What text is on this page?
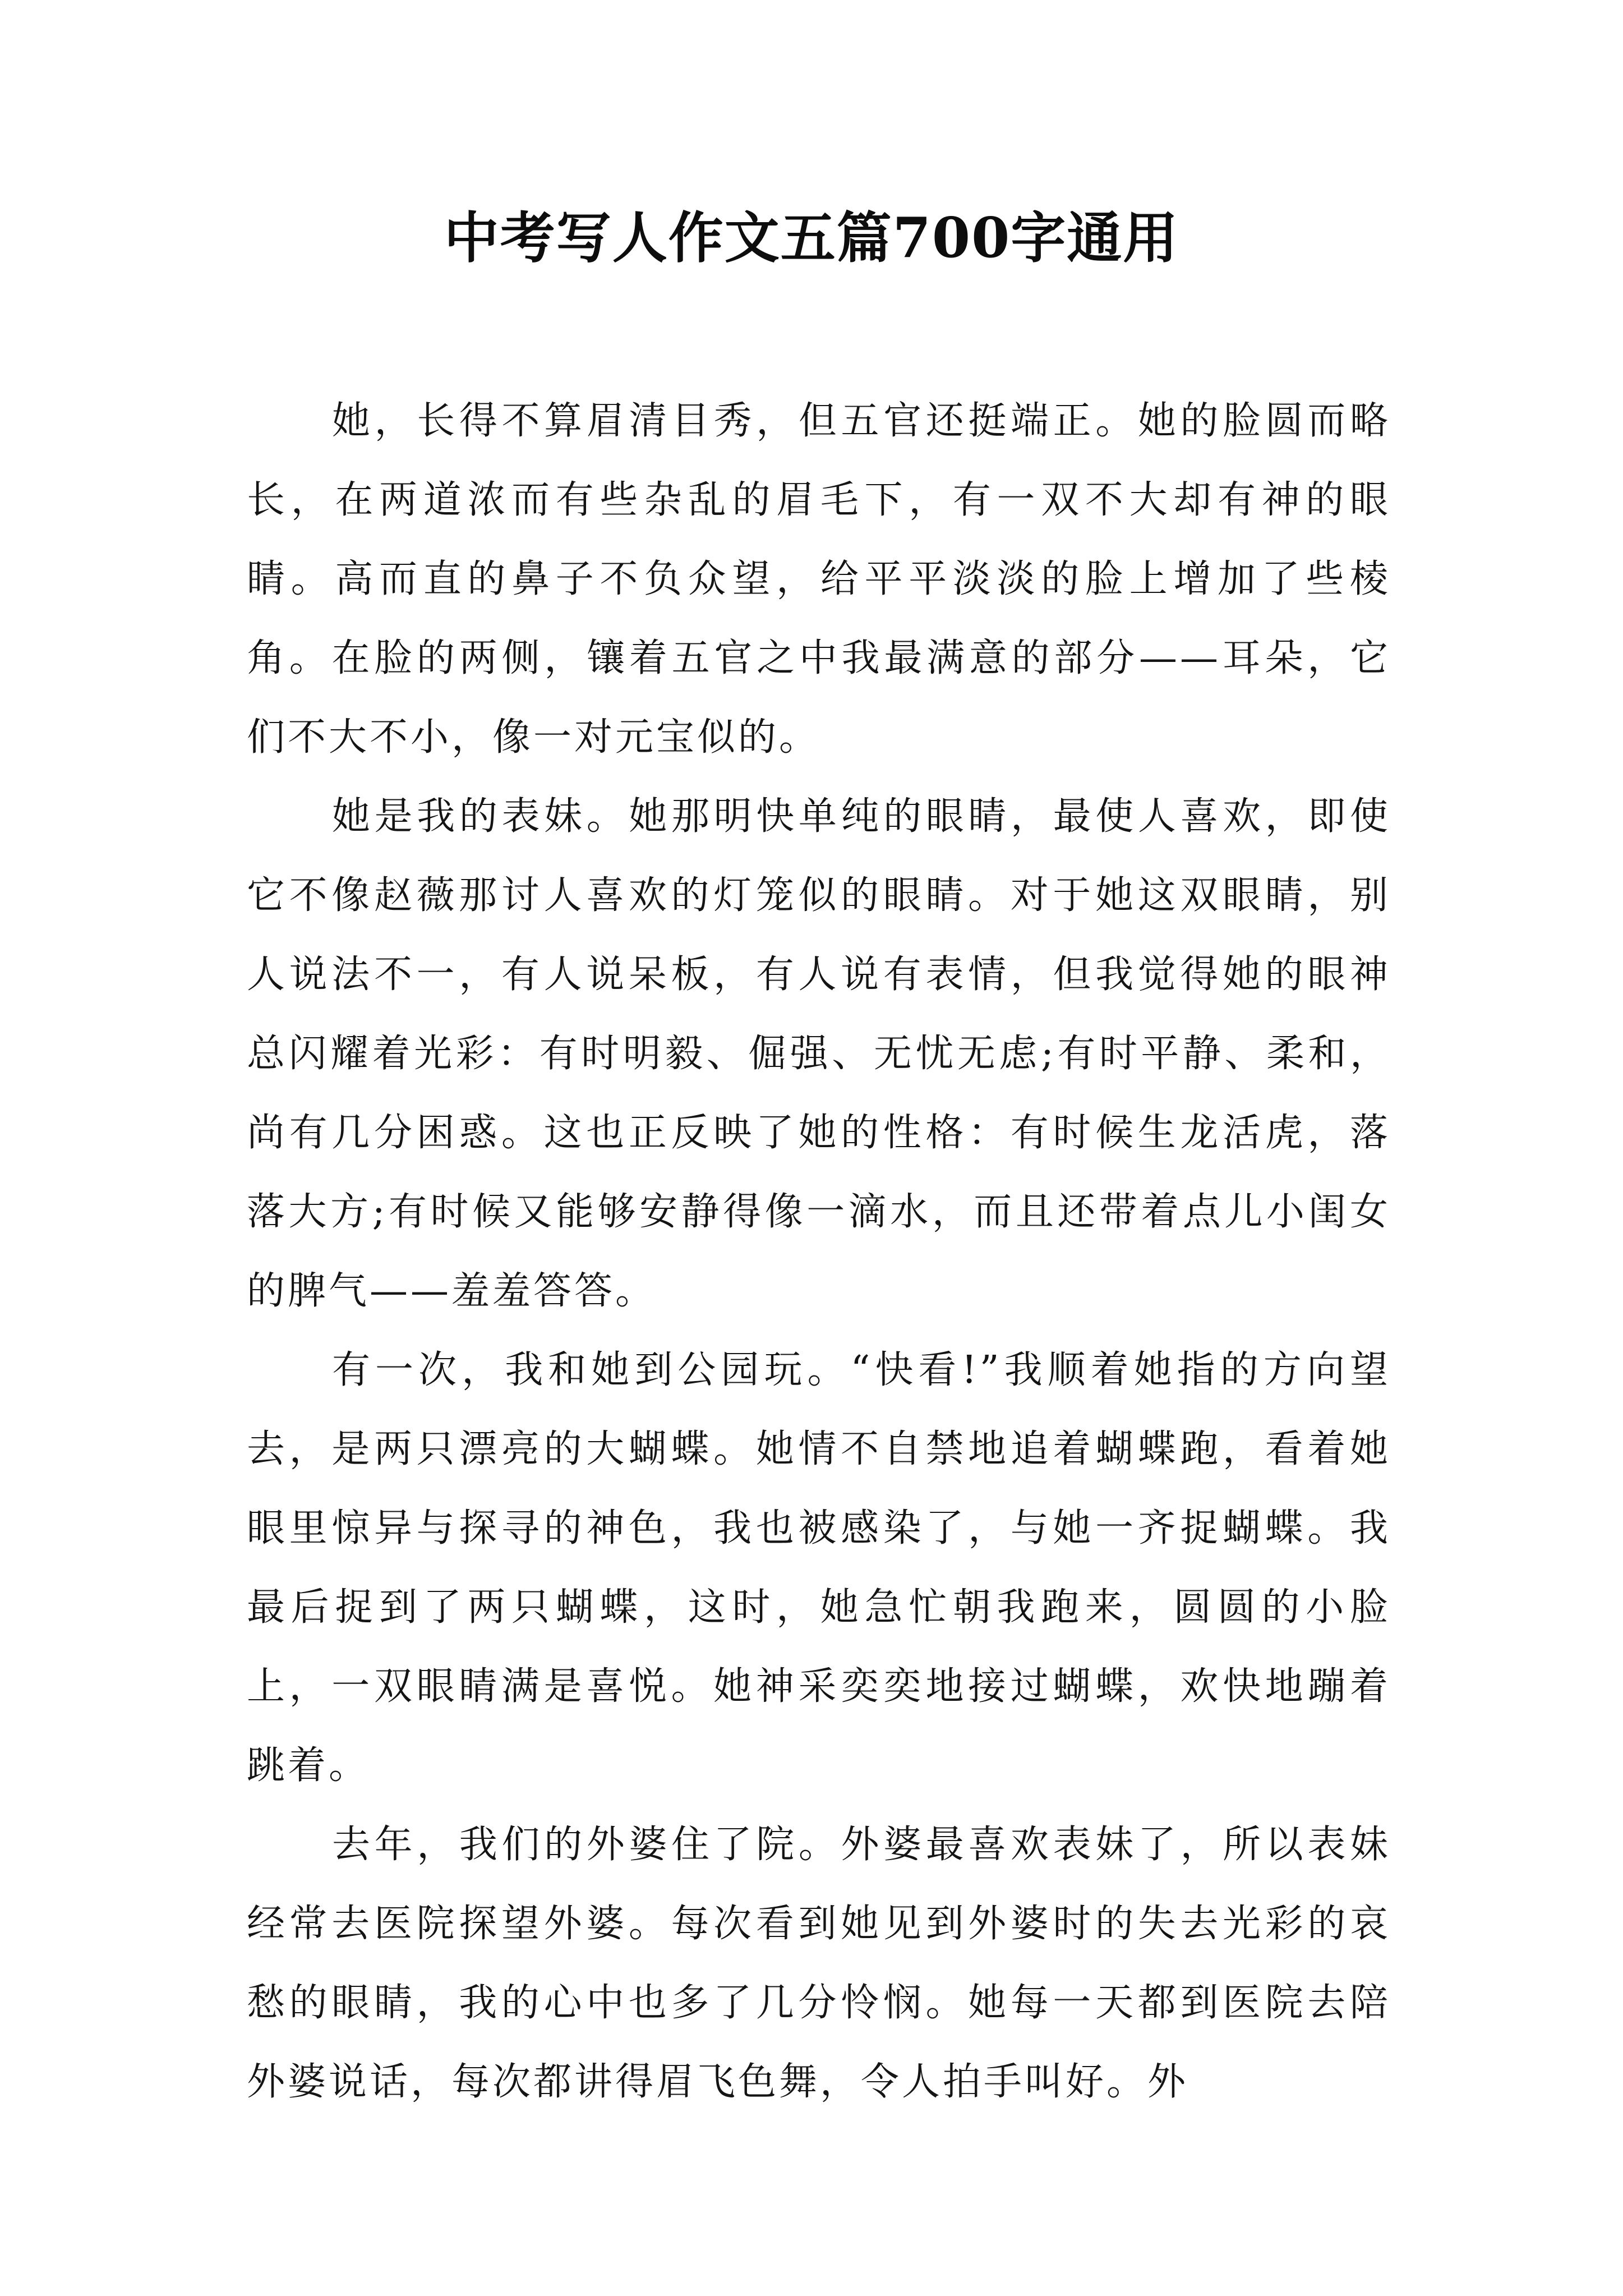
中考写人作文五篇700字通用

她，长得不算眉清目秀，但五官还挺端正。她的脸圆而略长，在两道浓而有些杂乱的眉毛下，有一双不大却有神的眼睛。高而直的鼻子不负众望，给平平淡淡的脸上增加了些棱角。在脸的两侧，镶着五官之中我最满意的部分——耳朵，它们不大不小，像一对元宝似的。

她是我的表妹。她那明快单纯的眼睛，最使人喜欢，即使它不像赵薇那讨人喜欢的灯笼似的眼睛。对于她这双眼睛，别人说法不一，有人说呆板，有人说有表情，但我觉得她的眼神总闪耀着光彩：有时明毅、倔强、无忧无虑;有时平静、柔和，尚有几分困惑。这也正反映了她的性格：有时候生龙活虎，落落大方;有时候又能够安静得像一滴水，而且还带着点儿小闺女的脾气——羞羞答答。

有一次，我和她到公园玩。“快看!”我顺着她指的方向望去，是两只漂亮的大蝴蝶。她情不自禁地追着蝴蝶跑，看着她眼里惊异与探寻的神色，我也被感染了，与她一齐捉蝴蝶。我最后捉到了两只蝴蝶，这时，她急忙朝我跑来，圆圆的小脸上，一双眼睛满是喜悦。她神采奕奕地接过蝴蝶，欢快地蹦着跳着。

去年，我们的外婆住了院。外婆最喜欢表妹了，所以表妹经常去医院探望外婆。每次看到她见到外婆时的失去光彩的哀愁的眼睛，我的心中也多了几分怜悯。她每一天都到医院去陪外婆说话，每次都讲得眉飞色舞，令人拍手叫好。外
